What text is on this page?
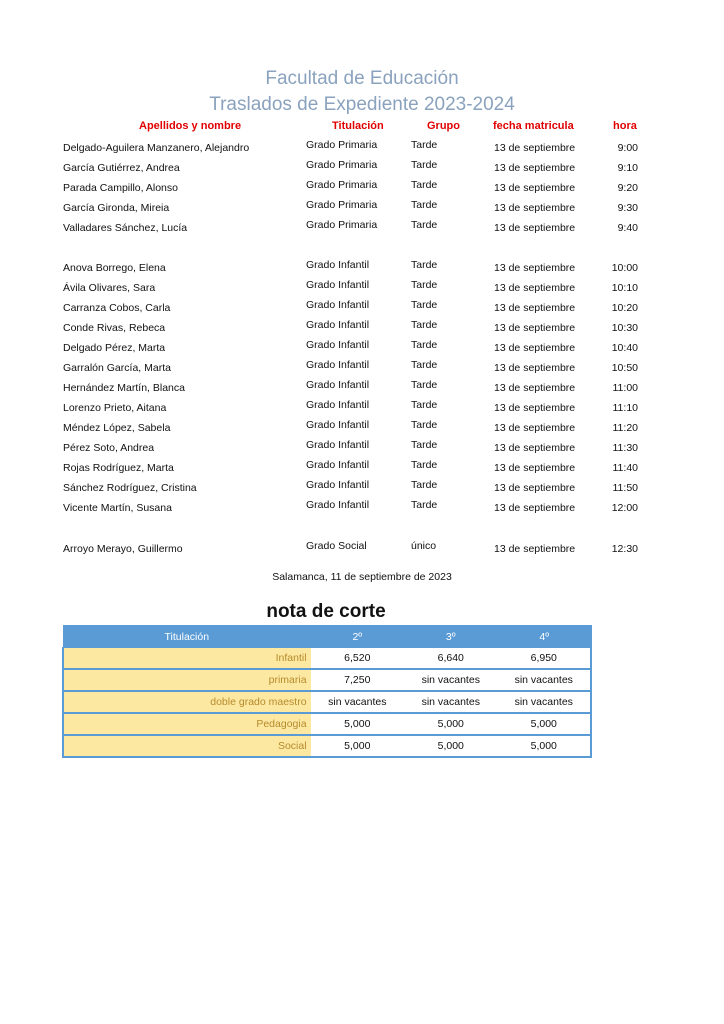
Facultad de Educación
Traslados de Expediente 2023-2024
Apellidos y nombre	Titulación	Grupo	fecha matricula	hora
Delgado-Aguilera Manzanero, Alejandro	Grado Primaria	Tarde	13 de septiembre	9:00
García Gutiérrez, Andrea	Grado Primaria	Tarde	13 de septiembre	9:10
Parada Campillo, Alonso	Grado Primaria	Tarde	13 de septiembre	9:20
García Gironda, Mireia	Grado Primaria	Tarde	13 de septiembre	9:30
Valladares Sánchez, Lucía	Grado Primaria	Tarde	13 de septiembre	9:40
Anova Borrego, Elena	Grado Infantil	Tarde	13 de septiembre	10:00
Ávila Olivares, Sara	Grado Infantil	Tarde	13 de septiembre	10:10
Carranza Cobos, Carla	Grado Infantil	Tarde	13 de septiembre	10:20
Conde Rivas, Rebeca	Grado Infantil	Tarde	13 de septiembre	10:30
Delgado Pérez, Marta	Grado Infantil	Tarde	13 de septiembre	10:40
Garralón García, Marta	Grado Infantil	Tarde	13 de septiembre	10:50
Hernández Martín, Blanca	Grado Infantil	Tarde	13 de septiembre	11:00
Lorenzo Prieto, Aitana	Grado Infantil	Tarde	13 de septiembre	11:10
Méndez López, Sabela	Grado Infantil	Tarde	13 de septiembre	11:20
Pérez Soto, Andrea	Grado Infantil	Tarde	13 de septiembre	11:30
Rojas Rodríguez, Marta	Grado Infantil	Tarde	13 de septiembre	11:40
Sánchez Rodríguez, Cristina	Grado Infantil	Tarde	13 de septiembre	11:50
Vicente Martín, Susana	Grado Infantil	Tarde	13 de septiembre	12:00
Arroyo Merayo, Guillermo	Grado Social	único	13 de septiembre	12:30
Salamanca, 11 de septiembre de 2023
nota de corte
Titulación	2º	3º	4º
Infantil	6,520	6,640	6,950
primaria	7,250	sin vacantes	sin vacantes
doble grado maestro	sin vacantes	sin vacantes	sin vacantes
Pedagogia	5,000	5,000	5,000
Social	5,000	5,000	5,000
